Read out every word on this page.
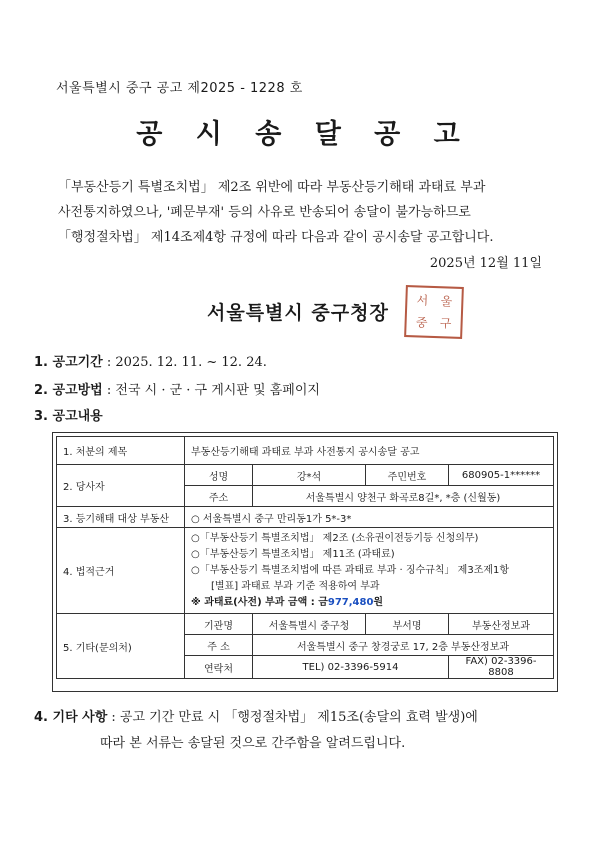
서울특별시 중구 공고 제2025 - 1228 호
공 시 송 달 공 고
「부동산등기 특별조치법」 제2조 위반에 따라 부동산등기해태 과태료 부과
사전통지하였으나, '폐문부재' 등의 사유로 반송되어 송달이 불가능하므로
「행정절차법」 제14조제4항 규정에 따라 다음과 같이 공시송달 공고합니다.
2025년 12월 11일
서울특별시 중구청장
서 울
중 구
1. 공고기간 : 2025. 12. 11. ~ 12. 24.
2. 공고방법 : 전국 시 · 군 · 구 게시판 및 홈페이지
3. 공고내용
1. 처분의 제목	부동산등기해태 과태료 부과 사전통지 공시송달 공고			
2. 당사자	성명	강*석	주민번호	680905-1******
	주소	서울특별시 양천구 화곡로8길*, *층 (신월동)		
3. 등기해태 대상 부동산	○ 서울특별시 중구 만리동1가 5*-3*			
4. 법적근거	○「부동산등기 특별조치법」 제2조 (소유권이전등기등 신청의무)
○「부동산등기 특별조치법」 제11조 (과태료)
○「부동산등기 특별조치법에 따른 과태료 부과 · 징수규칙」 제3조제1항
[별표] 과태료 부과 기준 적용하여 부과
※ 과태료(사전) 부과 금액 : 금977,480원			

5. 기타(문의처)	기관명	서울특별시 중구청	부서명	부동산정보과
	주 소	서울특별시 중구 창경궁로 17, 2층 부동산정보과		
	연락처	TEL) 02-3396-5914		FAX) 02-3396-8808
4. 기타 사항 : 공고 기간 만료 시 「행정절차법」 제15조(송달의 효력 발생)에
따라 본 서류는 송달된 것으로 간주함을 알려드립니다.
